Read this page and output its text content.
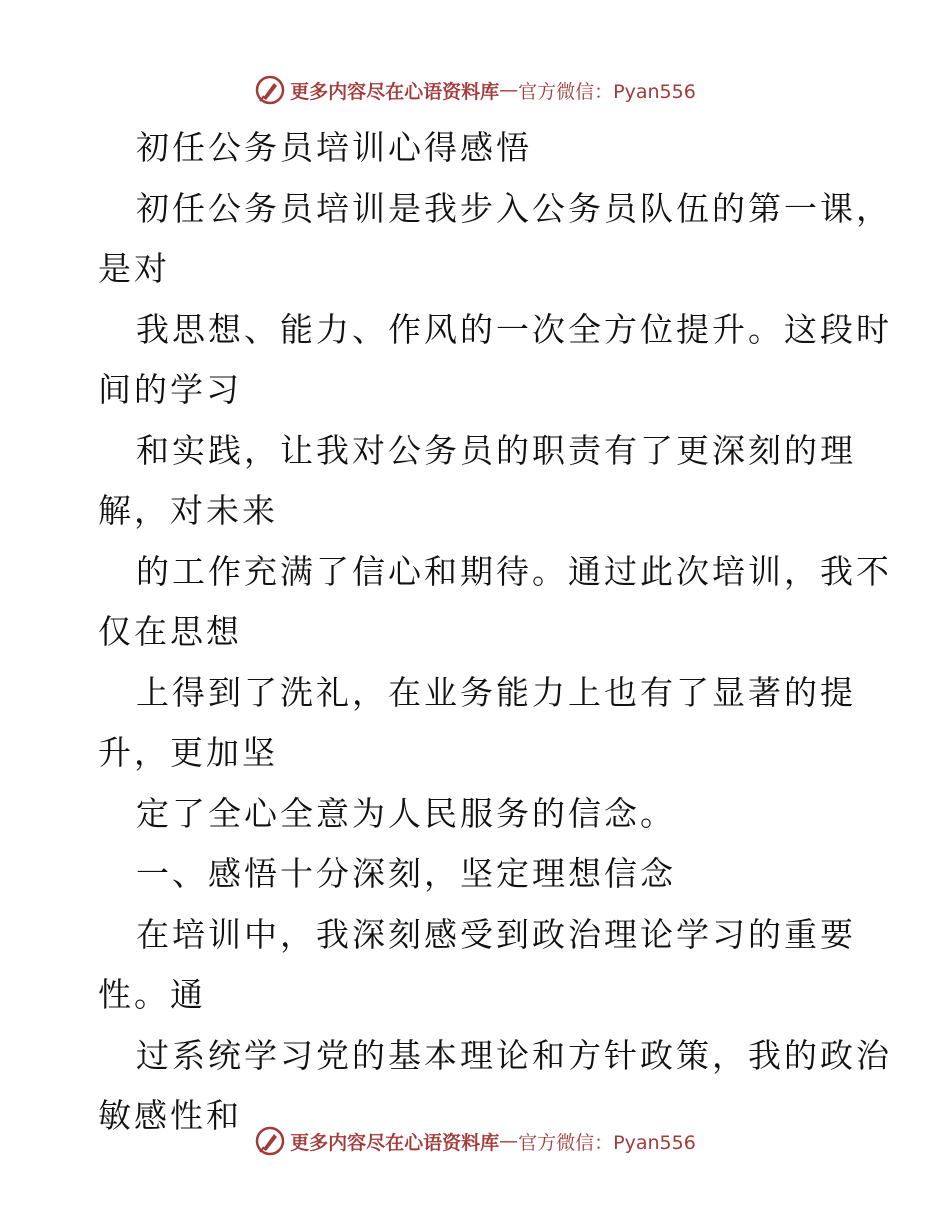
更多内容尽在心语资料库 — 官方微信：Pyan556
初任公务员培训心得感悟
初任公务员培训是我步入公务员队伍的第一课，
是对
我思想、能力、作风的一次全方位提升。这段时
间的学习
和实践，让我对公务员的职责有了更深刻的理
解，对未来
的工作充满了信心和期待。通过此次培训，我不
仅在思想
上得到了洗礼，在业务能力上也有了显著的提
升，更加坚
定了全心全意为人民服务的信念。
一、感悟十分深刻，坚定理想信念
在培训中，我深刻感受到政治理论学习的重要
性。通
过系统学习党的基本理论和方针政策，我的政治
敏感性和
更多内容尽在心语资料库 — 官方微信：Pyan556
